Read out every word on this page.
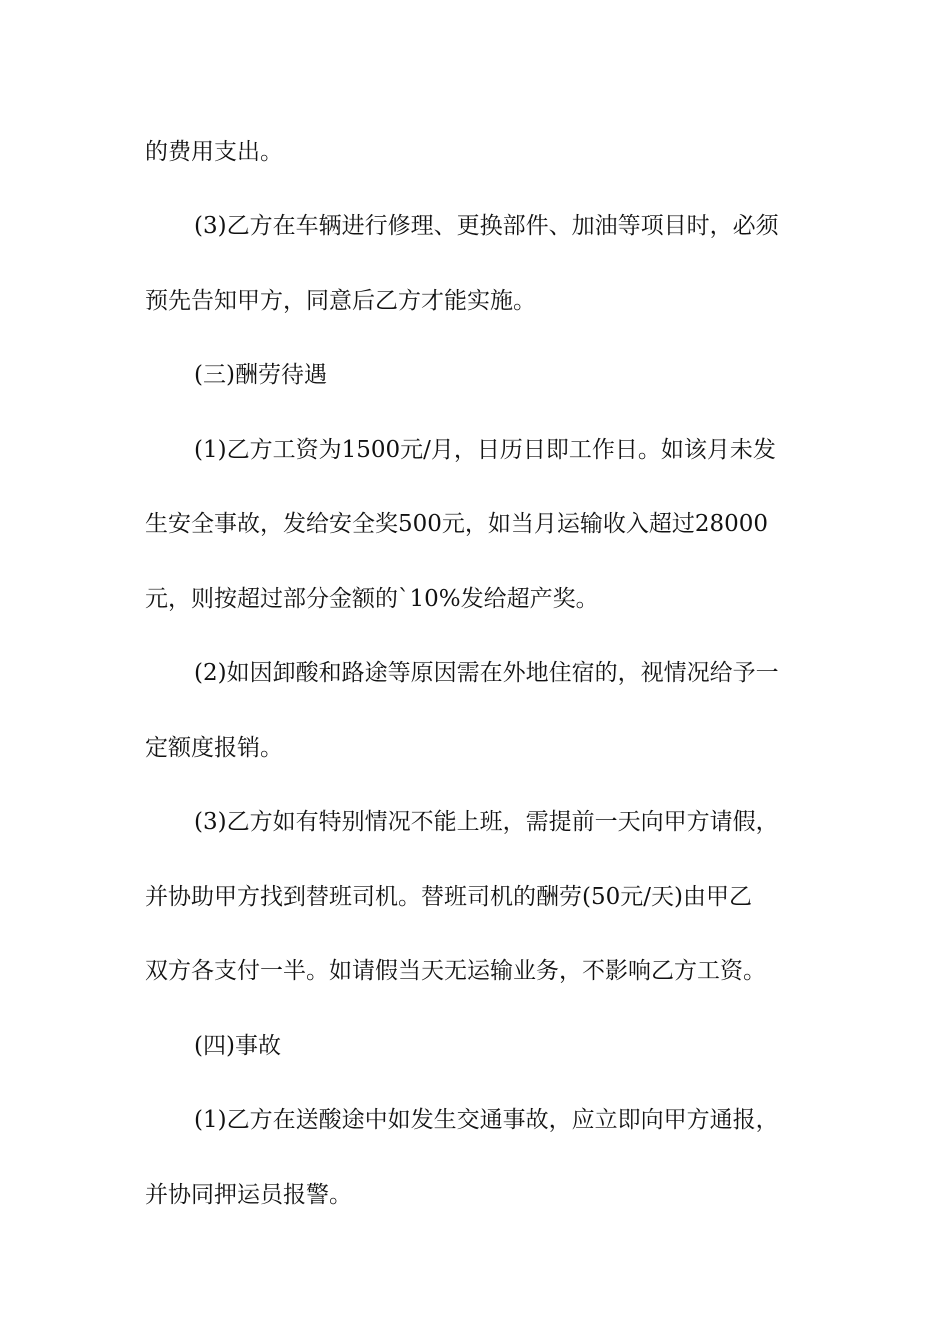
的费用支出。

(3)乙方在车辆进行修理、更换部件、加油等项目时，必须

预先告知甲方，同意后乙方才能实施。

(三)酬劳待遇

(1)乙方工资为1500元/月，日历日即工作日。如该月未发

生安全事故，发给安全奖500元，如当月运输收入超过28000

元，则按超过部分金额的`10%发给超产奖。

(2)如因卸酸和路途等原因需在外地住宿的，视情况给予一

定额度报销。

(3)乙方如有特别情况不能上班，需提前一天向甲方请假，

并协助甲方找到替班司机。替班司机的酬劳(50元/天)由甲乙

双方各支付一半。如请假当天无运输业务，不影响乙方工资。

(四)事故

(1)乙方在送酸途中如发生交通事故，应立即向甲方通报，

并协同押运员报警。
